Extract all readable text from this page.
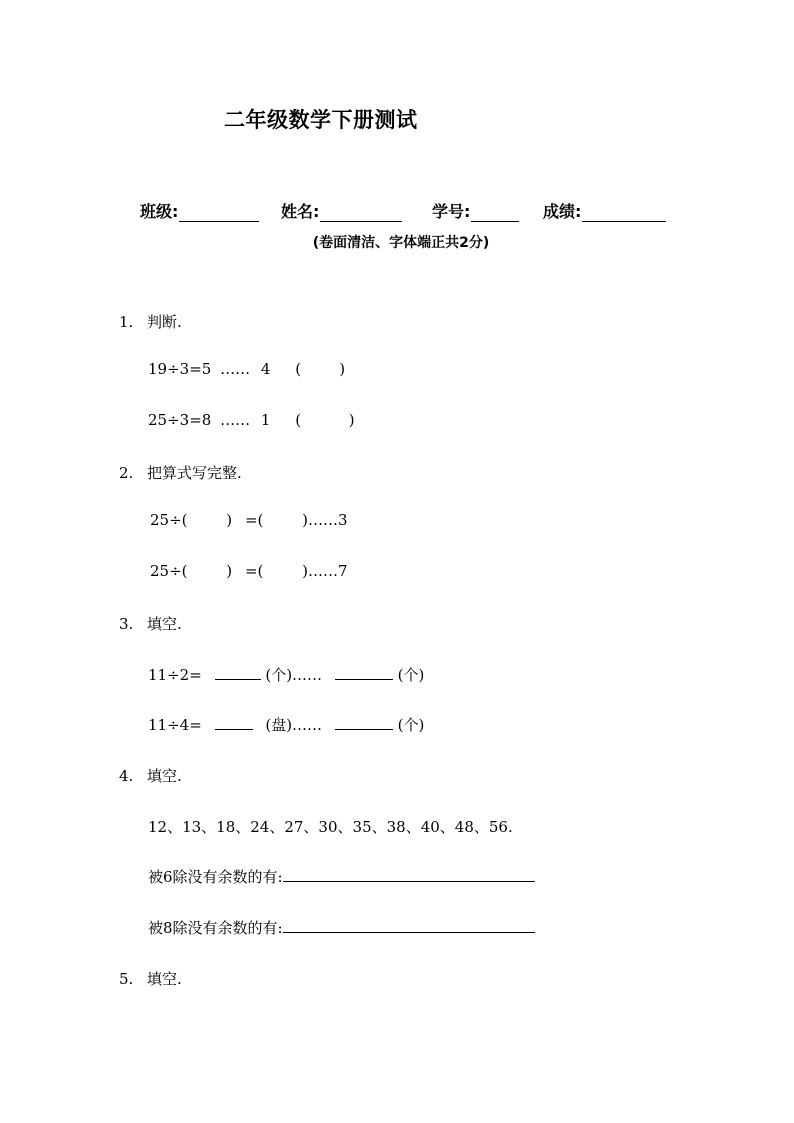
二年级数学下册测试
班级:	姓名:	学号:	成绩:
(卷面清洁、字体端正共2分)
1. 判断.
19÷3=5 …… 4 (        )
25÷3=8 …… 1 (          )
2. 把算式写完整.
25÷(	) =(	)……3
25÷(	) =(	)……7
3. 填空.
11÷2=	(个)……	(个)
11÷4=	(盘)……	(个)
4. 填空.
12、13、18、24、27、30、35、38、40、48、56.
被6除没有余数的有:
被8除没有余数的有:
5. 填空.
